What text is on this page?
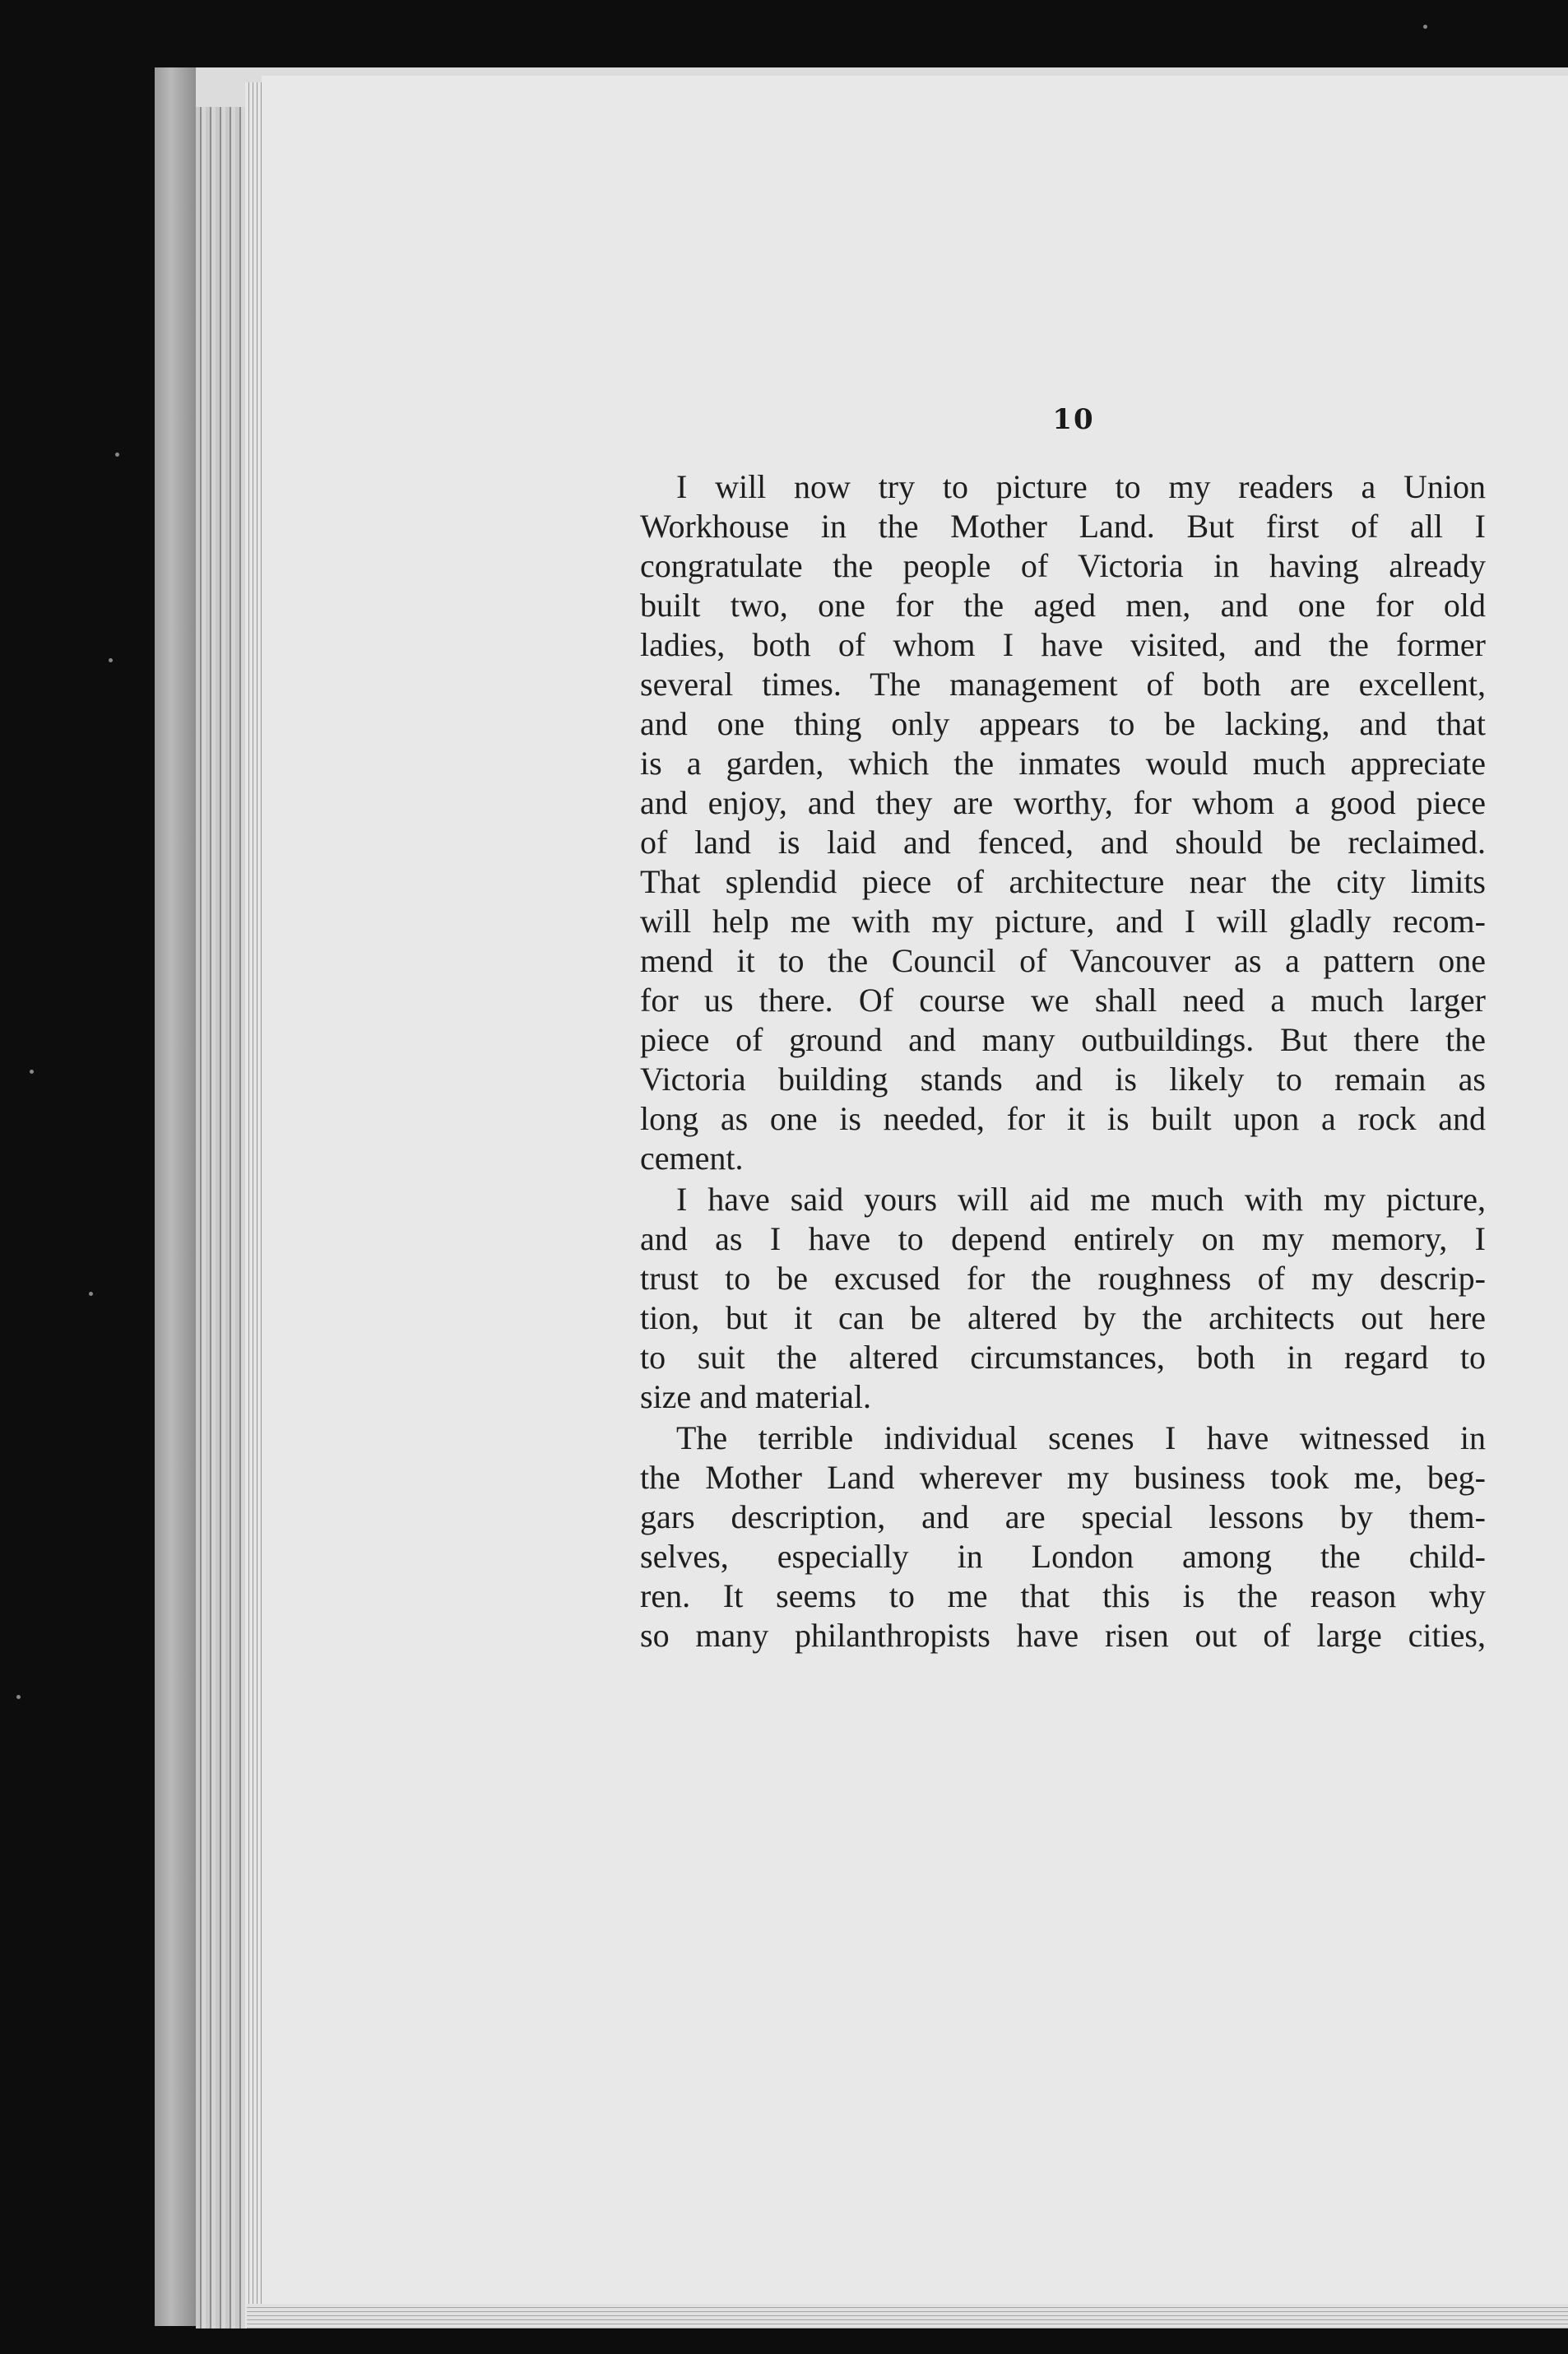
10
I will now try to picture to my readers a Union
Workhouse in the Mother Land. But first of all I
congratulate the people of Victoria in having already
built two, one for the aged men, and one for old
ladies, both of whom I have visited, and the former
several times. The management of both are excellent,
and one thing only appears to be lacking, and that
is a garden, which the inmates would much appreciate
and enjoy, and they are worthy, for whom a good piece
of land is laid and fenced, and should be reclaimed.
That splendid piece of architecture near the city limits
will help me with my picture, and I will gladly recom-
mend it to the Council of Vancouver as a pattern one
for us there. Of course we shall need a much larger
piece of ground and many outbuildings. But there the
Victoria building stands and is likely to remain as
long as one is needed, for it is built upon a rock and
cement.
I have said yours will aid me much with my picture,
and as I have to depend entirely on my memory, I
trust to be excused for the roughness of my descrip-
tion, but it can be altered by the architects out here
to suit the altered circumstances, both in regard to
size and material.
The terrible individual scenes I have witnessed in
the Mother Land wherever my business took me, beg-
gars description, and are special lessons by them-
selves, especially in London among the child-
ren. It seems to me that this is the reason why
so many philanthropists have risen out of large cities,
